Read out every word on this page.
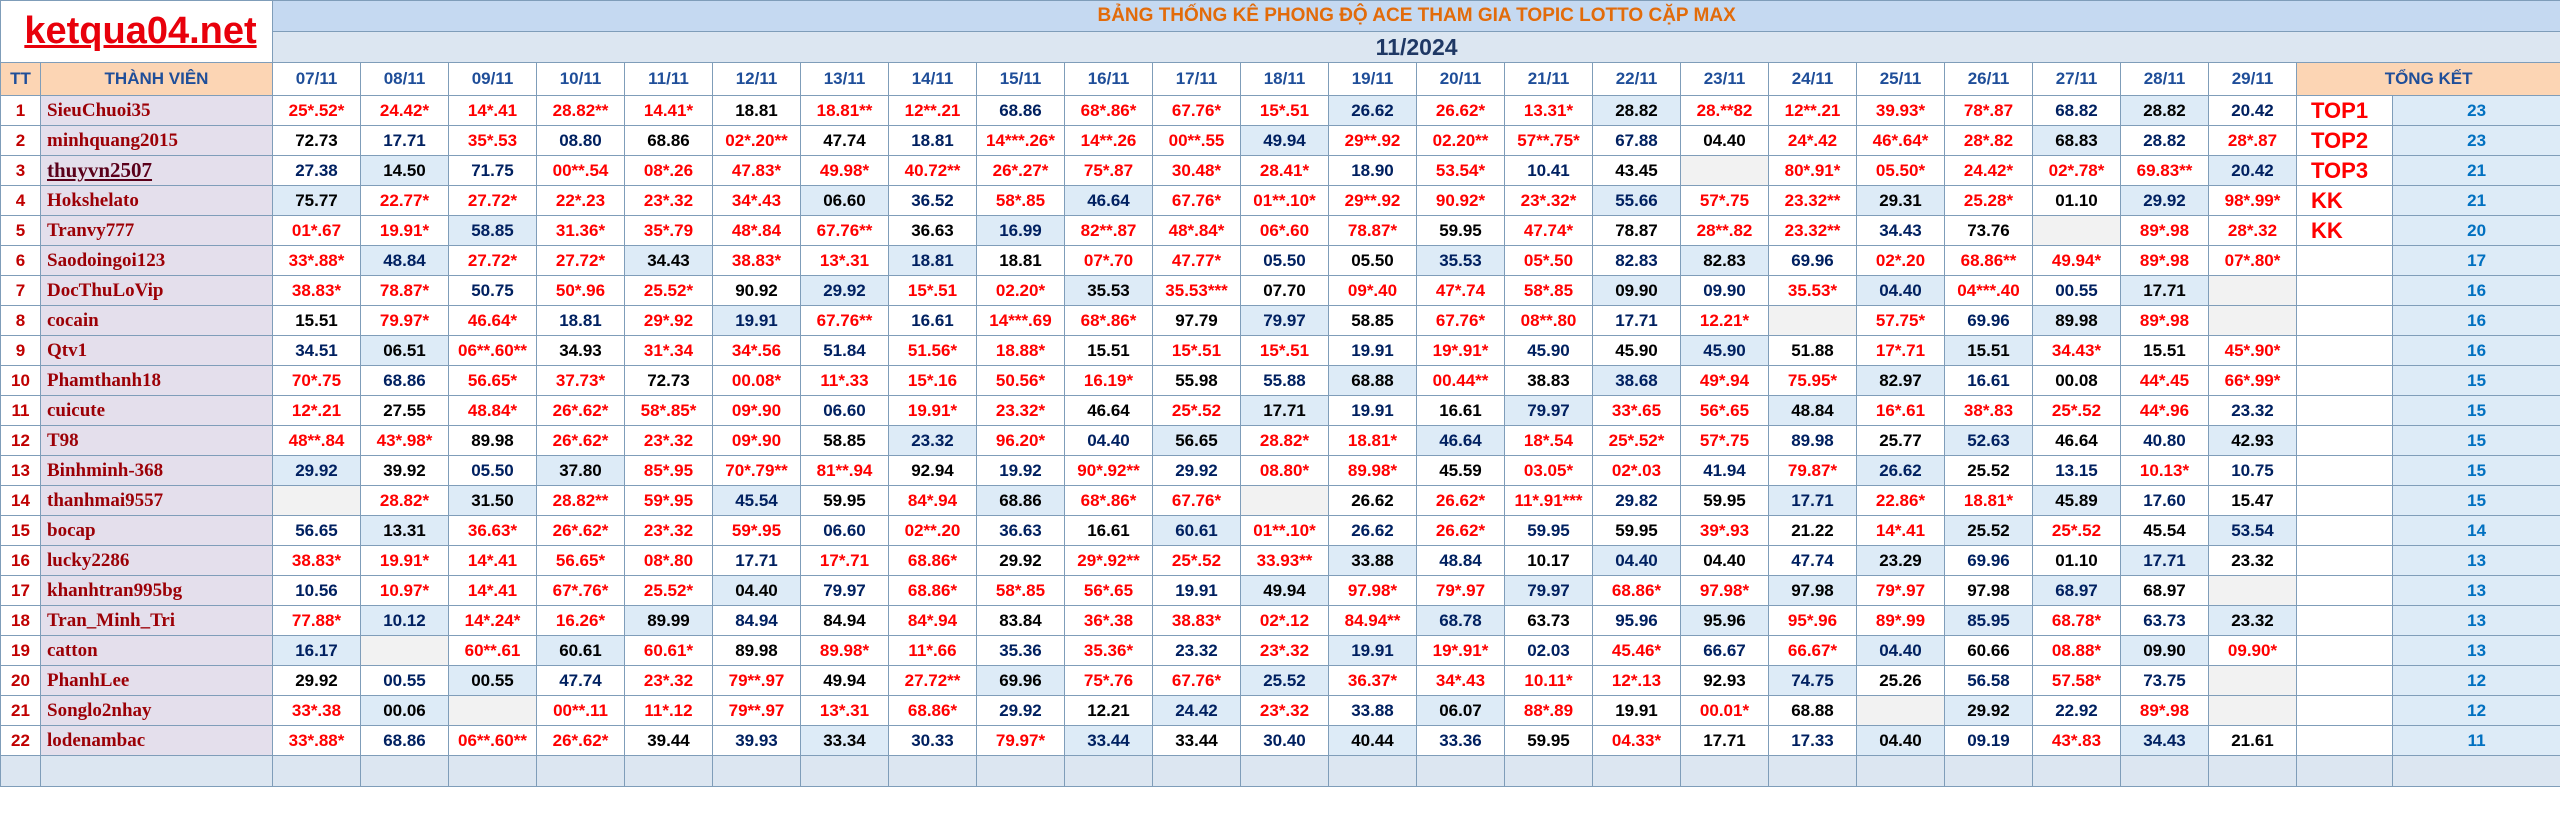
ketqua04.net		BẢNG THỐNG KÊ PHONG ĐỘ ACE THAM GIA TOPIC LOTTO CẶP MAX																								
		11/2024																								
TT	THÀNH VIÊN	07/11	08/11	09/11	10/11	11/11	12/11	13/11	14/11	15/11	16/11	17/11	18/11	19/11	20/11	21/11	22/11	23/11	24/11	25/11	26/11	27/11	28/11	29/11	TỔNG KẾT	
1	SieuChuoi35	25*.52*	24.42*	14*.41	28.82**	14.41*	18.81	18.81**	12**.21	68.86	68*.86*	67.76*	15*.51	26.62	26.62*	13.31*	28.82	28.**82	12**.21	39.93*	78*.87	68.82	28.82	20.42	TOP1	23
2	minhquang2015	72.73	17.71	35*.53	08.80	68.86	02*.20**	47.74	18.81	14***.26*	14**.26	00**.55	49.94	29**.92	02.20**	57**.75*	67.88	04.40	24*.42	46*.64*	28*.82	68.83	28.82	28*.87	TOP2	23
3	thuyvn2507	27.38	14.50	71.75	00**.54	08*.26	47.83*	49.98*	40.72**	26*.27*	75*.87	30.48*	28.41*	18.90	53.54*	10.41	43.45		80*.91*	05.50*	24.42*	02*.78*	69.83**	20.42	TOP3	21
4	Hokshelato	75.77	22.77*	27.72*	22*.23	23*.32	34*.43	06.60	36.52	58*.85	46.64	67.76*	01**.10*	29**.92	90.92*	23*.32*	55.66	57*.75	23.32**	29.31	25.28*	01.10	29.92	98*.99*	KK	21
5	Tranvy777	01*.67	19.91*	58.85	31.36*	35*.79	48*.84	67.76**	36.63	16.99	82**.87	48*.84*	06*.60	78.87*	59.95	47.74*	78.87	28**.82	23.32**	34.43	73.76		89*.98	28*.32	KK	20
6	Saodoingoi123	33*.88*	48.84	27.72*	27.72*	34.43	38.83*	13*.31	18.81	18.81	07*.70	47.77*	05.50	05.50	35.53	05*.50	82.83	82.83	69.96	02*.20	68.86**	49.94*	89*.98	07*.80*		17
7	DocThuLoVip	38.83*	78.87*	50.75	50*.96	25.52*	90.92	29.92	15*.51	02.20*	35.53	35.53***	07.70	09*.40	47*.74	58*.85	09.90	09.90	35.53*	04.40	04***.40	00.55	17.71			16
8	cocain	15.51	79.97*	46.64*	18.81	29*.92	19.91	67.76**	16.61	14***.69	68*.86*	97.79	79.97	58.85	67.76*	08**.80	17.71	12.21*		57.75*	69.96	89.98	89*.98			16
9	Qtv1	34.51	06.51	06**.60**	34.93	31*.34	34*.56	51.84	51.56*	18.88*	15.51	15*.51	15*.51	19.91	19*.91*	45.90	45.90	45.90	51.88	17*.71	15.51	34.43*	15.51	45*.90*		16
10	Phamthanh18	70*.75	68.86	56.65*	37.73*	72.73	00.08*	11*.33	15*.16	50.56*	16.19*	55.98	55.88	68.88	00.44**	38.83	38.68	49*.94	75.95*	82.97	16.61	00.08	44*.45	66*.99*		15
11	cuicute	12*.21	27.55	48.84*	26*.62*	58*.85*	09*.90	06.60	19.91*	23.32*	46.64	25*.52	17.71	19.91	16.61	79.97	33*.65	56*.65	48.84	16*.61	38*.83	25*.52	44*.96	23.32		15
12	T98	48**.84	43*.98*	89.98	26*.62*	23*.32	09*.90	58.85	23.32	96.20*	04.40	56.65	28.82*	18.81*	46.64	18*.54	25*.52*	57*.75	89.98	25.77	52.63	46.64	40.80	42.93		15
13	Binhminh-368	29.92	39.92	05.50	37.80	85*.95	70*.79**	81**.94	92.94	19.92	90*.92**	29.92	08.80*	89.98*	45.59	03.05*	02*.03	41.94	79.87*	26.62	25.52	13.15	10.13*	10.75		15
14	thanhmai9557		28.82*	31.50	28.82**	59*.95	45.54	59.95	84*.94	68.86	68*.86*	67.76*		26.62	26.62*	11*.91***	29.82	59.95	17.71	22.86*	18.81*	45.89	17.60	15.47		15
15	bocap	56.65	13.31	36.63*	26*.62*	23*.32	59*.95	06.60	02**.20	36.63	16.61	60.61	01**.10*	26.62	26.62*	59.95	59.95	39*.93	21.22	14*.41	25.52	25*.52	45.54	53.54		14
16	lucky2286	38.83*	19.91*	14*.41	56.65*	08*.80	17.71	17*.71	68.86*	29.92	29*.92**	25*.52	33.93**	33.88	48.84	10.17	04.40	04.40	47.74	23.29	69.96	01.10	17.71	23.32		13
17	khanhtran995bg	10.56	10.97*	14*.41	67*.76*	25.52*	04.40	79.97	68.86*	58*.85	56*.65	19.91	49.94	97.98*	79*.97	79.97	68.86*	97.98*	97.98	79*.97	97.98	68.97	68.97			13
18	Tran_Minh_Tri	77.88*	10.12	14*.24*	16.26*	89.99	84.94	84.94	84*.94	83.84	36*.38	38.83*	02*.12	84.94**	68.78	63.73	95.96	95.96	95*.96	89*.99	85.95	68.78*	63.73	23.32		13
19	catton	16.17		60**.61	60.61	60.61*	89.98	89.98*	11*.66	35.36	35.36*	23.32	23*.32	19.91	19*.91*	02.03	45.46*	66.67	66.67*	04.40	60.66	08.88*	09.90	09.90*		13
20	PhanhLee	29.92	00.55	00.55	47.74	23*.32	79**.97	49.94	27.72**	69.96	75*.76	67.76*	25.52	36.37*	34*.43	10.11*	12*.13	92.93	74.75	25.26	56.58	57.58*	73.75			12
21	Songlo2nhay	33*.38	00.06		00**.11	11*.12	79**.97	13*.31	68.86*	29.92	12.21	24.42	23*.32	33.88	06.07	88*.89	19.91	00.01*	68.88		29.92	22.92	89*.98			12
22	lodenambac	33*.88*	68.86	06**.60**	26*.62*	39.44	39.93	33.34	30.33	79.97*	33.44	33.44	30.40	40.44	33.36	59.95	04.33*	17.71	17.33	04.40	09.19	43*.83	34.43	21.61		11
